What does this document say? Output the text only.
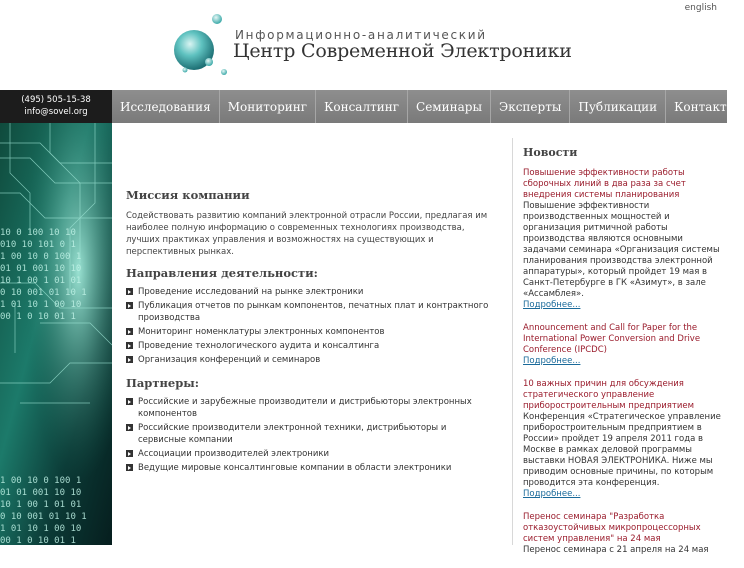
english
Информационно-аналитический
Центр Современной Электроники
(495) 505-15-38
info@sovel.org	Исследования	Мониторинг	Консалтинг	Семинары	Эксперты	Публикации	Контакты
10 0 100 10 10
010 10 101 0 1
1 00 10 0 100 1
01 01 001 10 10
10 1 00 1 01 01
0 10 001 01 10 1
1 01 10 1 00 10
00 1 0 10 01 1
1 00 10 0 100 1
01 01 001 10 10
10 1 00 1 01 01
0 10 001 01 10 1
1 01 10 1 00 10
00 1 0 10 01 1
Миссия компании

Содействовать развитию компаний электронной отрасли России, предлагая им наиболее полную информацию о современных технологиях производства, лучших практиках управления и возможностях на существующих и перспективных рынках.

Направления деятельности:
Проведение исследований на рынке электроники
Публикация отчетов по рынкам компонентов, печатных плат и контрактного производства
Мониторинг номенклатуры электронных компонентов
Проведение технологического аудита и консалтинга
Организация конференций и семинаров
Партнеры:
Российские и зарубежные производители и дистрибьюторы электронных компонентов
Российские производители электронной техники, дистрибьюторы и сервисные компании
Ассоциации производителей электроники
Ведущие мировые консалтинговые компании в области электроники
Новости
Повышение эффективности работы сборочных линий в два раза за счет внедрения системы планирования
Повышение эффективности производственных мощностей и организация ритмичной работы производства являются основными задачами семинара «Организация системы планирования производства электронной аппаратуры», который пройдет 19 мая в Санкт-Петербурге в ГК «Азимут», в зале «Ассамблея».
Подробнее...
Announcement and Call for Paper for the International Power Conversion and Drive Conference (IPCDC)
Подробнее...
10 важных причин для обсуждения стратегического управление приборостроительным предприятием
Конференция «Стратегическое управление приборостроительным предприятием в России» пройдет 19 апреля 2011 года в Москве в рамках деловой программы выставки НОВАЯ ЭЛЕКТРОНИКА. Ниже мы приводим основные причины, по которым проводится эта конференция.
Подробнее...
Перенос семинара "Разработка отказоустойчивых микропроцессорных систем управления" на 24 мая
Перенос семинара с 21 апреля на 24 мая
